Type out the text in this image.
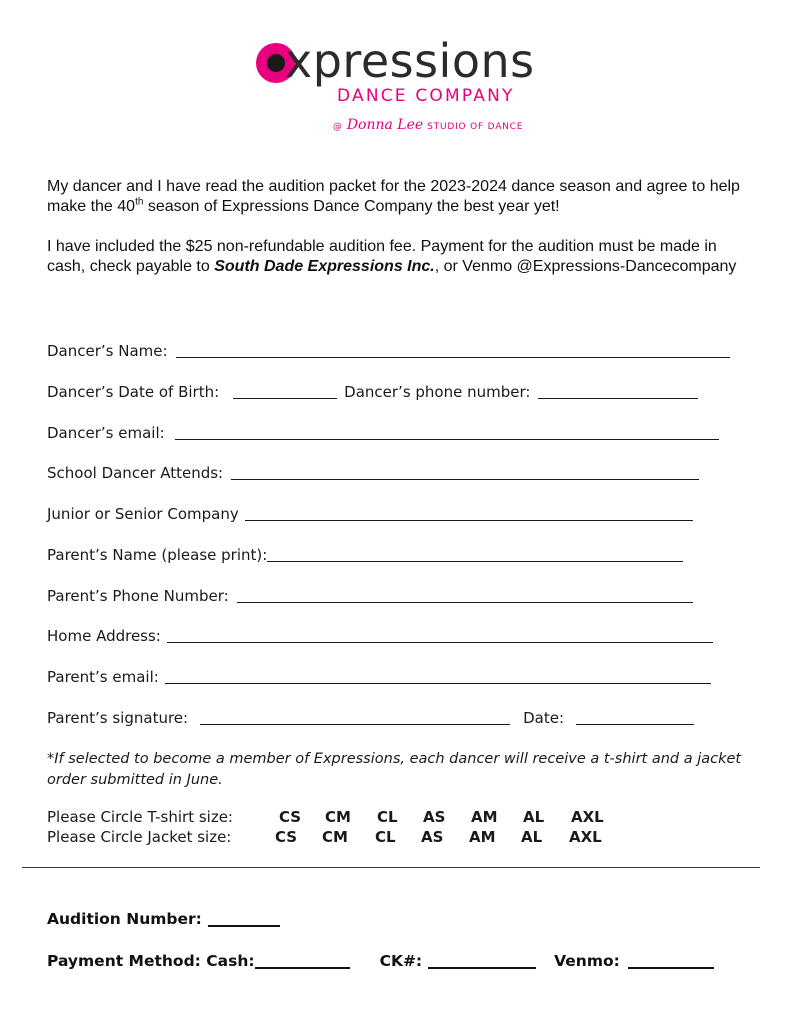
xpressions
DANCE COMPANY
@ Donna Lee STUDIO OF DANCE
My dancer and I have read the audition packet for the 2023-2024 dance season and agree to help make the 40th season of Expressions Dance Company the best year yet!
I have included the $25 non-refundable audition fee. Payment for the audition must be made in cash, check payable to South Dade Expressions Inc., or Venmo @Expressions-Dancecompany
Dancer’s Name:
Dancer’s Date of Birth:	Dancer’s phone number:
Dancer’s email:
School Dancer Attends:
Junior or Senior Company
Parent’s Name (please print):
Parent’s Phone Number:
Home Address:
Parent’s email:
Parent’s signature:	Date:
*If selected to become a member of Expressions, each dancer will receive a t-shirt and a jacket order submitted in June.
Please Circle T-shirt size:	CS	CM	CL	AS	AM	AL	AXL
Please Circle Jacket size:	CS	CM	CL	AS	AM	AL	AXL
Audition Number:
Payment Method: Cash:	CK#:	Venmo:
